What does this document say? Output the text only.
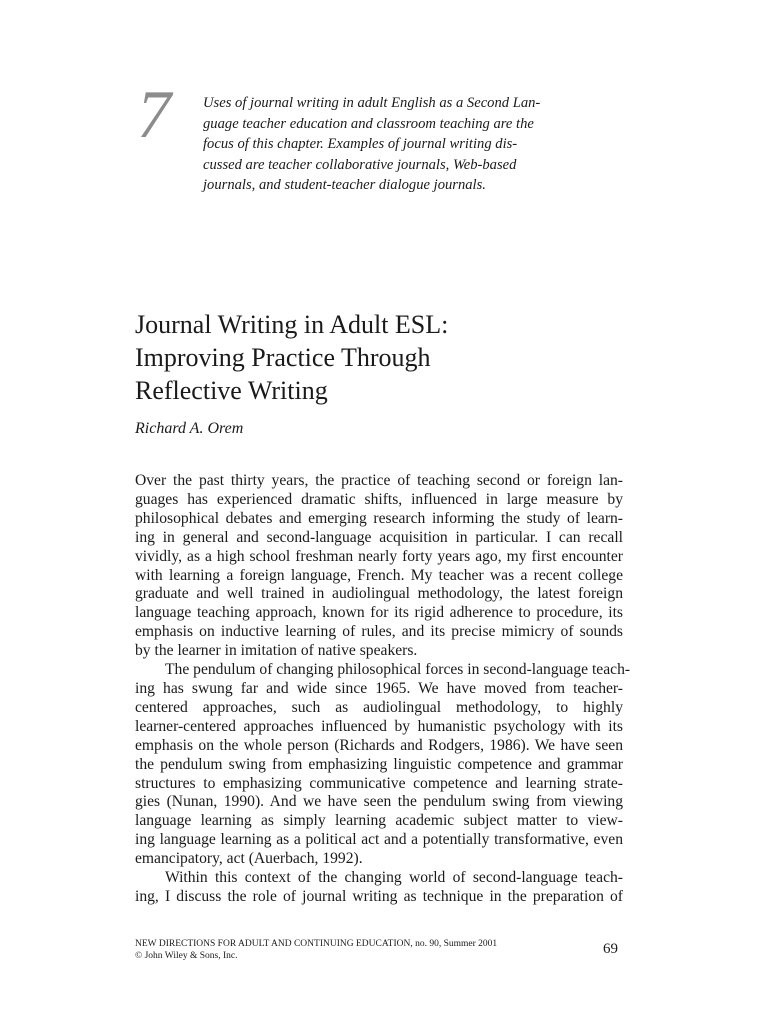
7 Uses of journal writing in adult English as a Second Lan-
guage teacher education and classroom teaching are the
focus of this chapter. Examples of journal writing dis-
cussed are teacher collaborative journals, Web-based
journals, and student-teacher dialogue journals.
Journal Writing in Adult ESL:
Improving Practice Through
Reflective Writing
Richard A. Orem
Over the past thirty years, the practice of teaching second or foreign lan-
guages has experienced dramatic shifts, influenced in large measure by
philosophical debates and emerging research informing the study of learn-
ing in general and second-language acquisition in particular. I can recall
vividly, as a high school freshman nearly forty years ago, my first encounter
with learning a foreign language, French. My teacher was a recent college
graduate and well trained in audiolingual methodology, the latest foreign
language teaching approach, known for its rigid adherence to procedure, its
emphasis on inductive learning of rules, and its precise mimicry of sounds
by the learner in imitation of native speakers.
The pendulum of changing philosophical forces in second-language teach-
ing has swung far and wide since 1965. We have moved from teacher-
centered approaches, such as audiolingual methodology, to highly
learner-centered approaches influenced by humanistic psychology with its
emphasis on the whole person (Richards and Rodgers, 1986). We have seen
the pendulum swing from emphasizing linguistic competence and grammar
structures to emphasizing communicative competence and learning strate-
gies (Nunan, 1990). And we have seen the pendulum swing from viewing
language learning as simply learning academic subject matter to view-
ing language learning as a political act and a potentially transformative, even
emancipatory, act (Auerbach, 1992).
Within this context of the changing world of second-language teach-
ing, I discuss the role of journal writing as technique in the preparation of
NEW DIRECTIONS FOR ADULT AND CONTINUING EDUCATION, no. 90, Summer 2001
© John Wiley & Sons, Inc.	69
